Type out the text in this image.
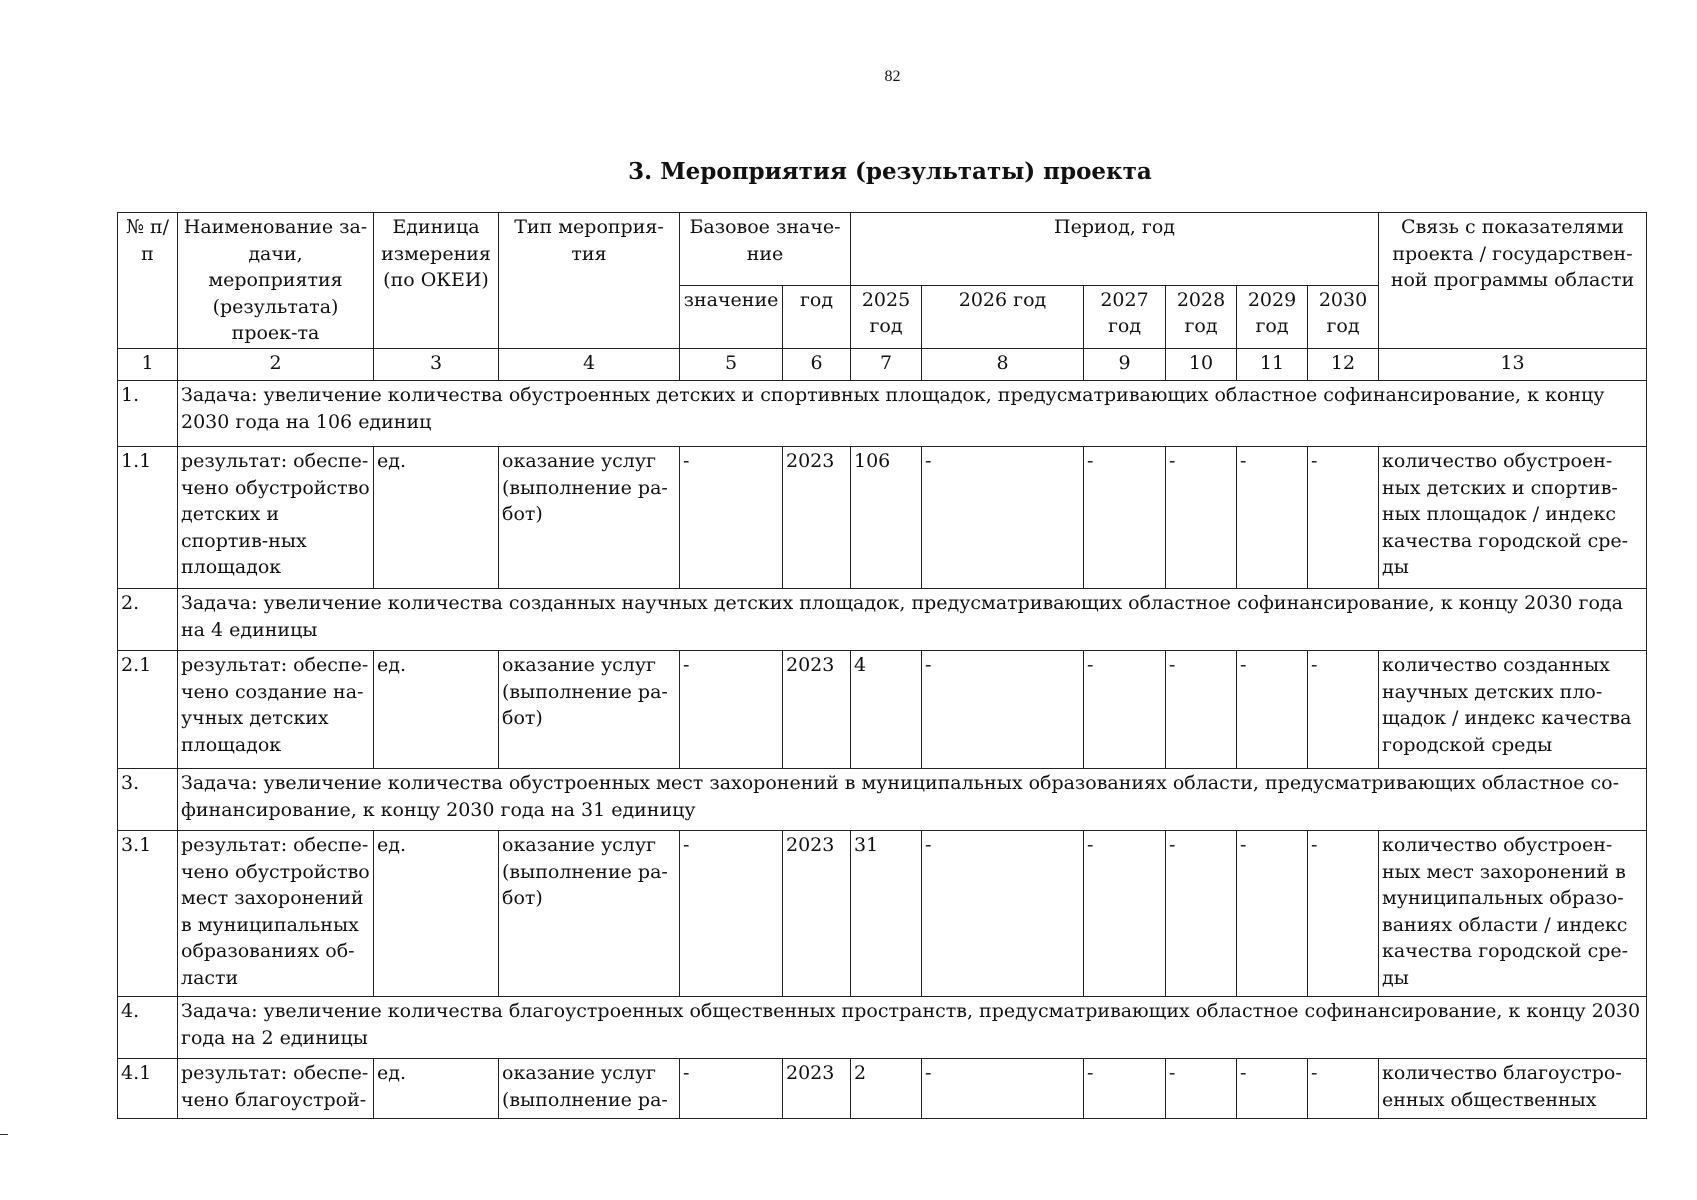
82
3. Мероприятия (результаты) проекта
№ п/п	Наименование за-дачи, мероприятия (результата) проек-та	Единица измерения (по ОКЕИ)	Тип мероприя-тия	Базовое значе-ние		Период, год						Связь с показателями проекта / государствен-ной программы области
				значение	год	2025 год	2026 год	2027 год	2028 год	2029 год	2030 год	
1	2	3	4	5	6	7	8	9	10	11	12	13
1.	Задача: увеличение количества обустроенных детских и спортивных площадок, предусматривающих областное софинансирование, к концу 2030 года на 106 единиц											
1.1	результат: обеспе-чено обустройство детских и спортив-ных площадок	ед.	оказание услуг (выполнение ра-бот)	-	2023	106	-	-	-	-	-	количество обустроен-ных детских и спортив-ных площадок / индекс качества городской сре-ды
2.	Задача: увеличение количества созданных научных детских площадок, предусматривающих областное софинансирование, к концу 2030 года на 4 единицы											
2.1	результат: обеспе-чено создание на-учных детских площадок	ед.	оказание услуг (выполнение ра-бот)	-	2023	4	-	-	-	-	-	количество созданных научных детских пло-щадок / индекс качества городской среды
3.	Задача: увеличение количества обустроенных мест захоронений в муниципальных образованиях области, предусматривающих областное со-финансирование, к концу 2030 года на 31 единицу											
3.1	результат: обеспе-чено обустройство мест захоронений в муниципальных образованиях об-ласти	ед.	оказание услуг (выполнение ра-бот)	-	2023	31	-	-	-	-	-	количество обустроен-ных мест захоронений в муниципальных образо-ваниях области / индекс качества городской сре-ды
4.	Задача: увеличение количества благоустроенных общественных пространств, предусматривающих областное софинансирование, к концу 2030 года на 2 единицы											
4.1	результат: обеспе-чено благоустрой-	ед.	оказание услуг (выполнение ра-	-	2023	2	-	-	-	-	-	количество благоустро-енных общественных
